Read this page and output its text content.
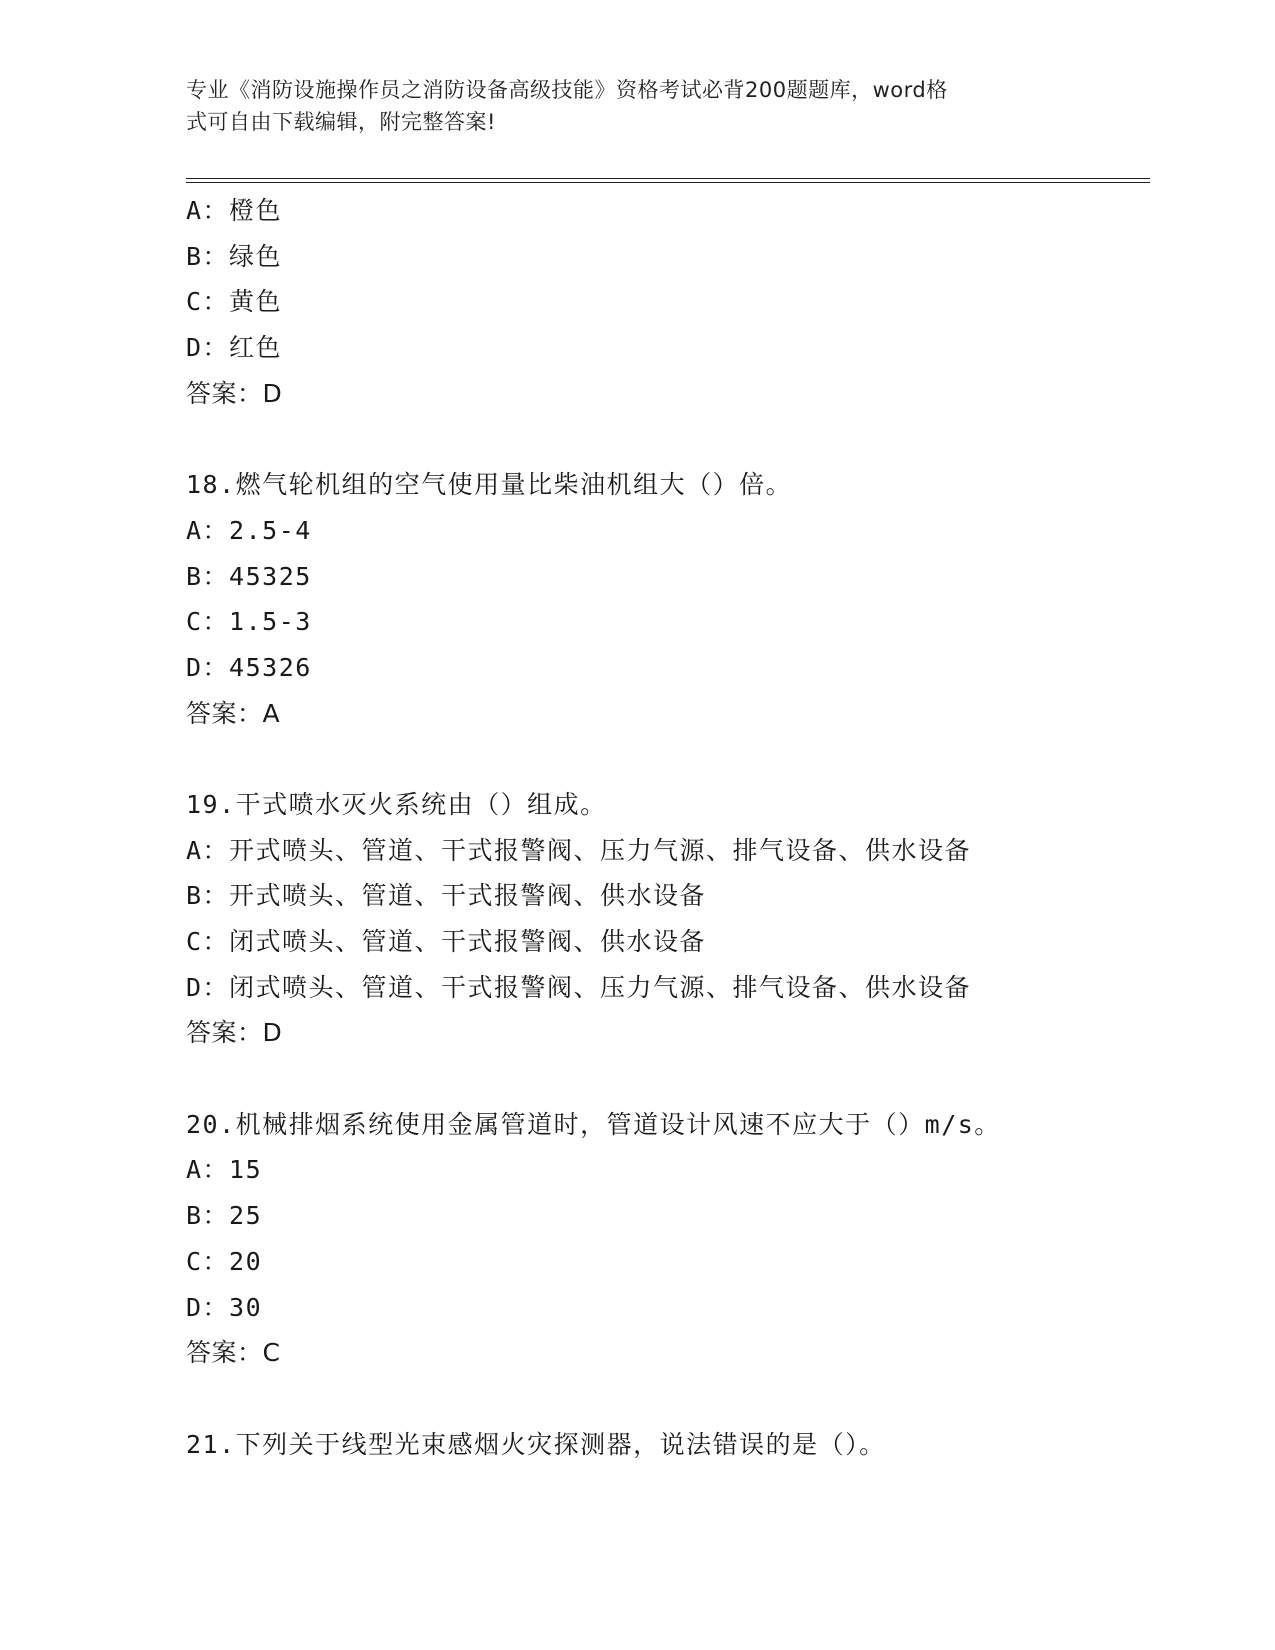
专业《消防设施操作员之消防设备高级技能》资格考试必背200题题库，word格
式可自由下载编辑，附完整答案!
A：橙色
B：绿色
C：黄色
D：红色
答案：D
18.燃气轮机组的空气使用量比柴油机组大（）倍。
A：2.5-4
B：45325
C：1.5-3
D：45326
答案：A
19.干式喷水灭火系统由（）组成。
A：开式喷头、管道、干式报警阀、压力气源、排气设备、供水设备
B：开式喷头、管道、干式报警阀、供水设备
C：闭式喷头、管道、干式报警阀、供水设备
D：闭式喷头、管道、干式报警阀、压力气源、排气设备、供水设备
答案：D
20.机械排烟系统使用金属管道时，管道设计风速不应大于（）m/s。
A：15
B：25
C：20
D：30
答案：C
21.下列关于线型光束感烟火灾探测器，说法错误的是（）。
